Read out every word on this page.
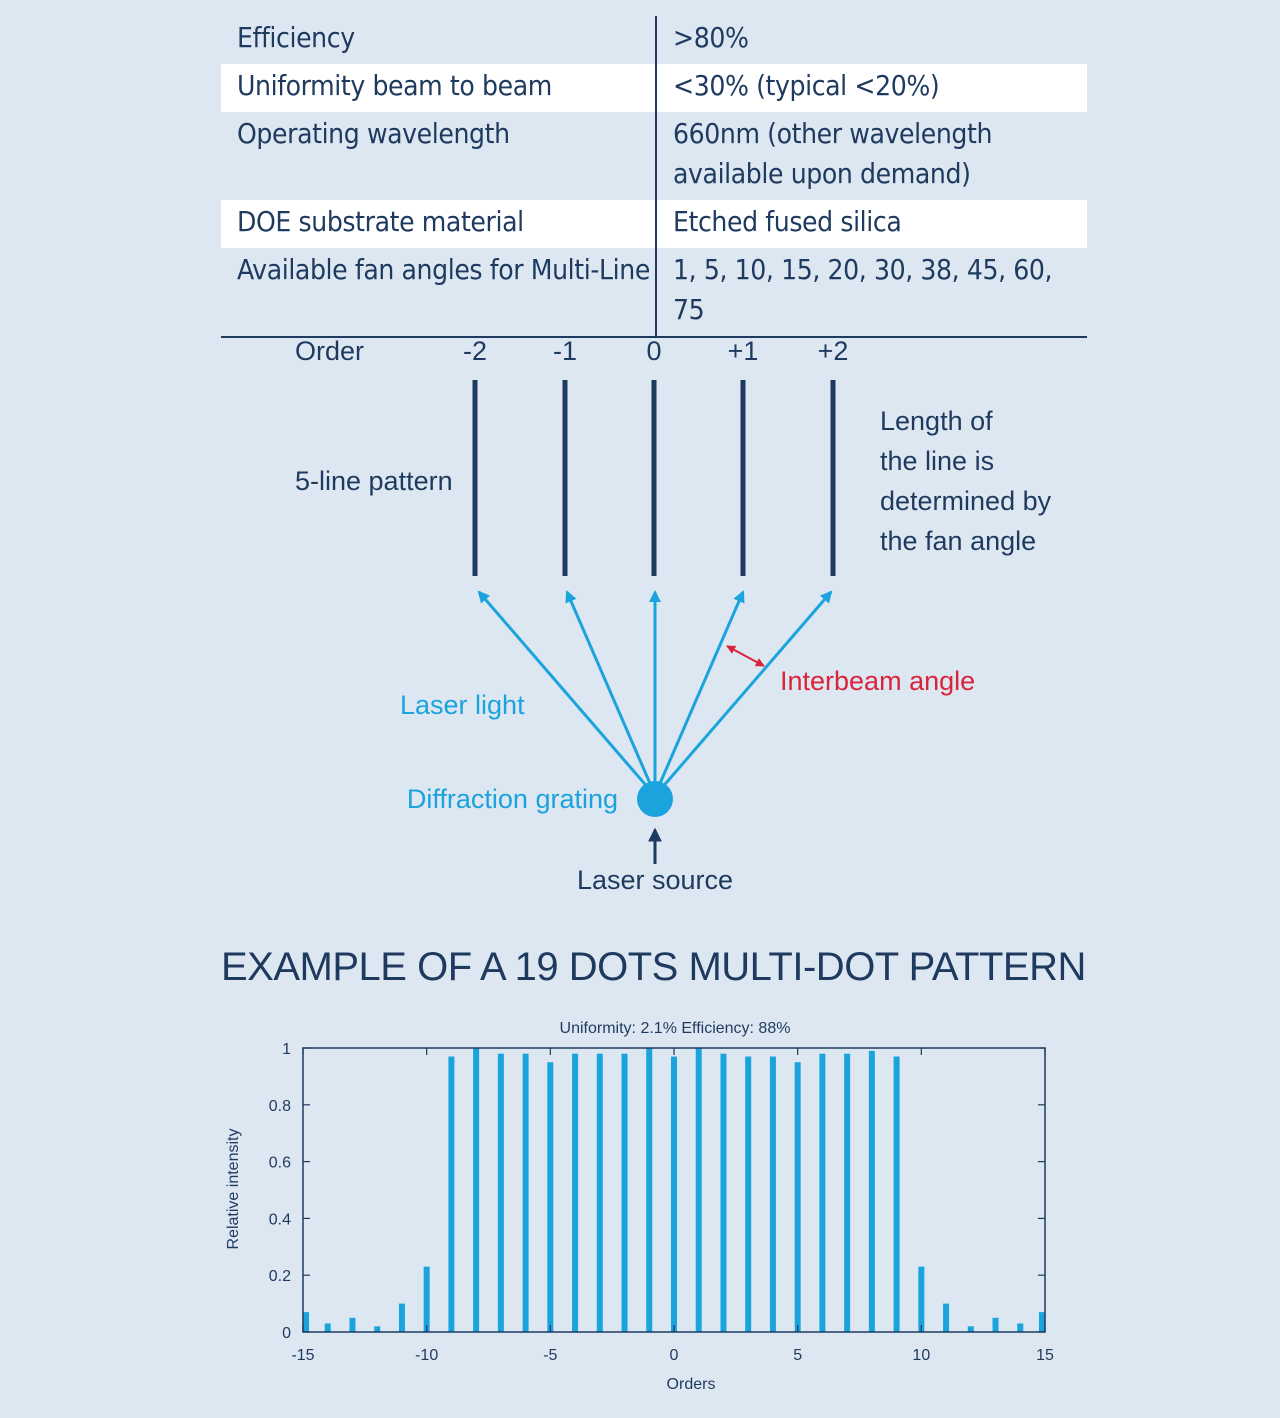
Efficiency	>80%
Uniformity beam to beam	<30% (typical <20%)
Operating wavelength	660nm (other wavelength available upon demand)
DOE substrate material	Etched fused silica
Available fan angles for Multi-Line	1, 5, 10, 15, 20, 30, 38, 45, 60, 75
Order	-2 -1	0 +1 +2
5-line pattern
Length of
the line is
determined by
the fan angle
Interbeam angle
Laser light
Diffraction grating
Laser source
EXAMPLE OF A 19 DOTS MULTI-DOT PATTERN
Uniformity: 2.1% Efficiency: 88%
Relative intensity
Orders
-15	-10	-5	0	5	10	15
0
0.2
0.4
0.6
0.8
1
